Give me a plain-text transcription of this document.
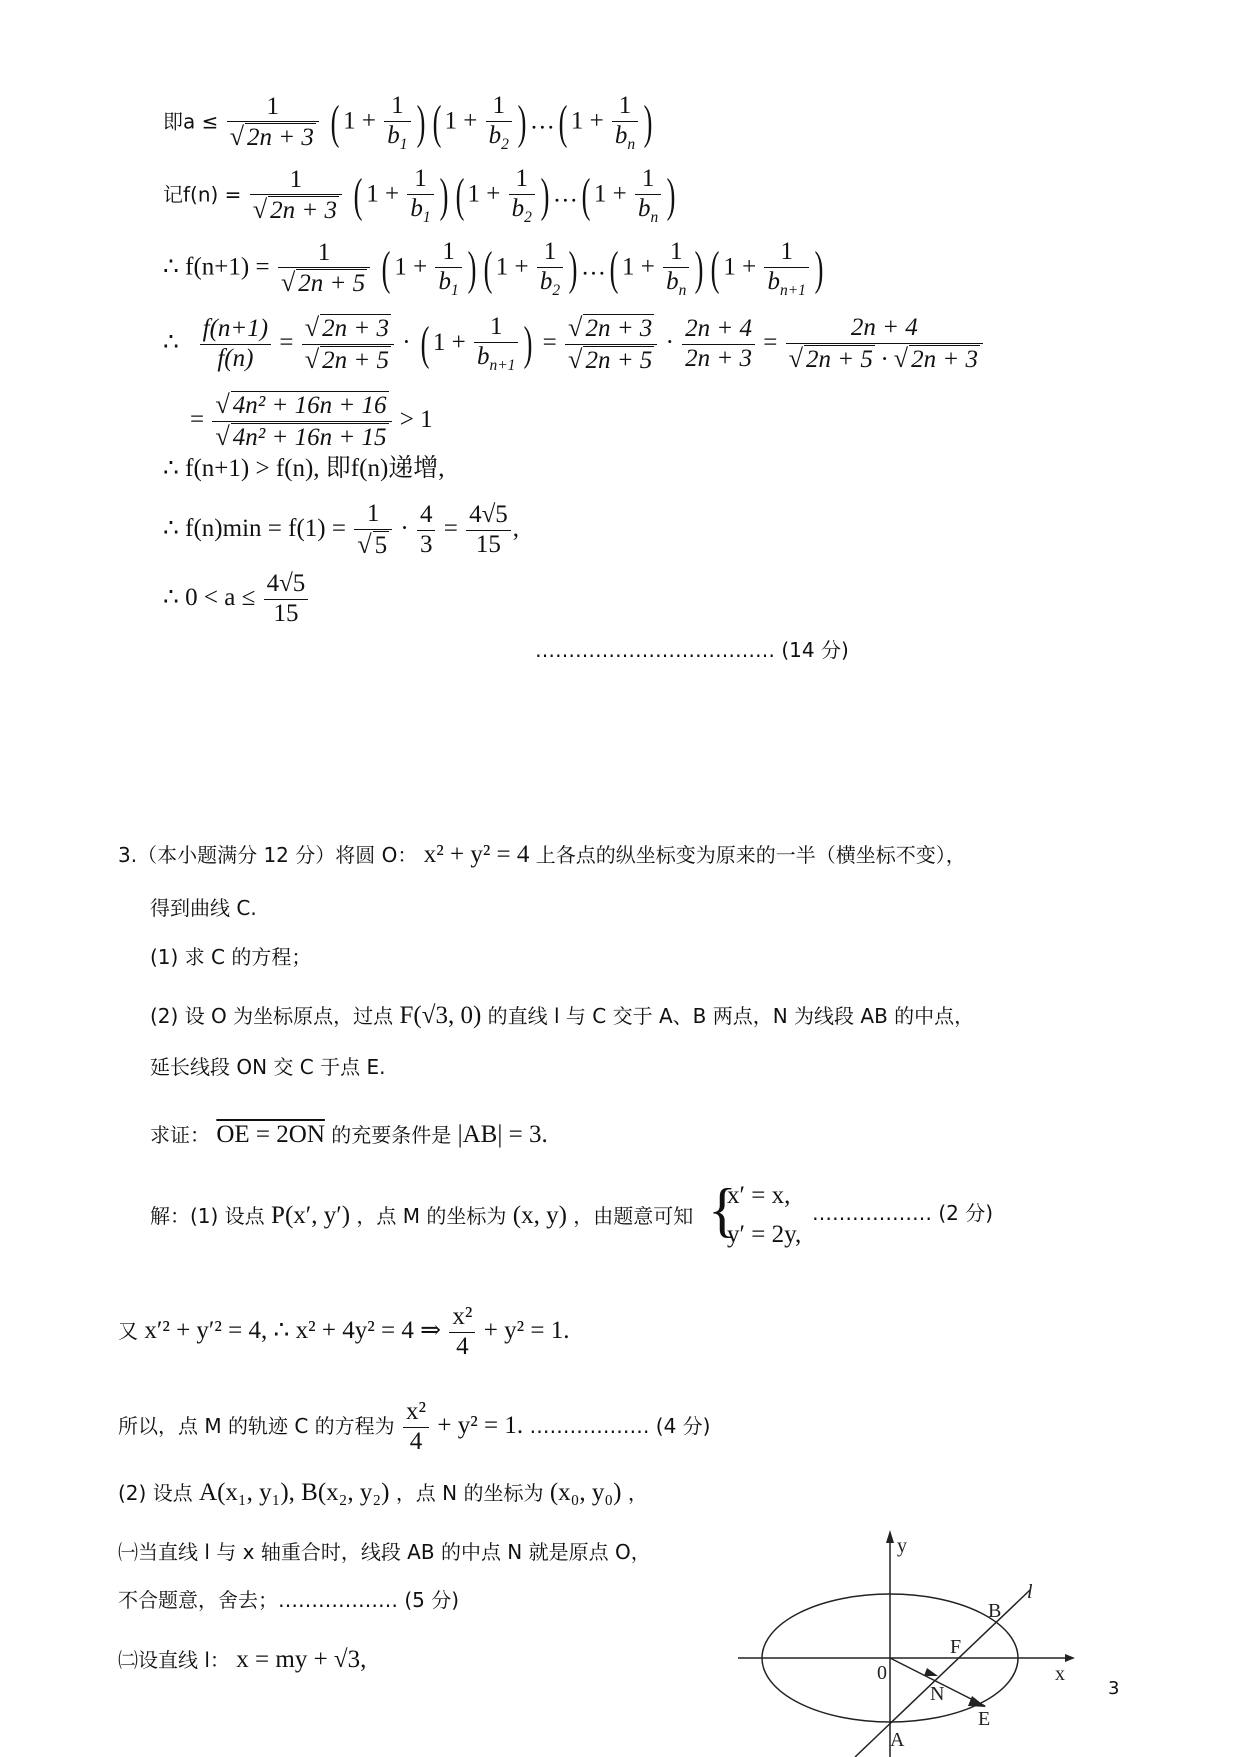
即$a \le \frac{1}{√ 2n + 3}$ ( $1 + \frac{1}{b_1}$ ) ( $1 + \frac{1}{b_2}$ ) …( $1 + \frac{1}{b_n}$ )
记$f(n) = \frac{1}{√ 2n + 3}$ ( $1 + \frac{1}{b_1}$ ) ( $1 + \frac{1}{b_2}$ ) …( $1 + \frac{1}{b_n}$ )
∴ $f(n+1) = \frac{1}{√ 2n + 5}$ ( $1 + \frac{1}{b_1}$ ) ( $1 + \frac{1}{b_2}$ ) …( $1 + \frac{1}{b_n}$ ) ( $1 + \frac{1}{b_{n+1}}$ )
∴ $\frac{f(n+1)}{f(n)} = \frac{√ 2n + 3}{√ 2n + 5}$ · ( $1 + \frac{1}{b_{n+1}}$ ) = $\frac{√ 2n + 3}{√ 2n + 5} \cdot \frac{2n + 4}{2n + 3} = \frac{2n + 4}{√ 2n + 5 \cdot √ 2n + 3}$
= $\frac{\text{√ 4n² + 16n + 16}}{\text{√ 4n² + 16n + 15}} > 1$
∴ f(n+1) > f(n), 即f(n)递增,
∴ $f(n)\min = f(1) = \frac{1}{√ 5} \cdot \frac{4}{3} = \frac{4√5}{15}$ ,
∴ $0 < a \le \frac{4√5}{15}$
……………………………… (14 分)
3.（本小题满分 12 分）将圆 O： x² + y² = 4 上各点的纵坐标变为原来的一半（横坐标不变），
得到曲线 C.
(1) 求 C 的方程；
(2) 设 O 为坐标原点，过点 F(√3, 0) 的直线 l 与 C 交于 A、B 两点，N 为线段 AB 的中点，
延长线段 ON 交 C 于点 E.
求证： OE = 2ON 的充要条件是 |AB| = 3.
解：(1) 设点 P(x′, y′) ，点 M 的坐标为 (x, y) ，由题意可知 {
x′ = x,
y′ = 2y,
……………… (2 分)
又 x′² + y′² = 4, ∴ x² + 4y² = 4 ⇒ $\frac{\text{x²}}{4} + y^2 = 1$.
所以，点 M 的轨迹 C 的方程为 $\frac{\text{x²}}{4} + y^2 = 1$. ……………… (4 分)
(2) 设点 A(x₁, y₁), B(x₂, y₂) ，点 N 的坐标为 (x₀, y₀) ，
㈠当直线 l 与 x 轴重合时，线段 AB 的中点 N 就是原点 O，
不合题意，舍去；……………… (5 分)
㈡设直线 l： x = my + √3,
y
x
0
B
l
F
N
E
A
3
